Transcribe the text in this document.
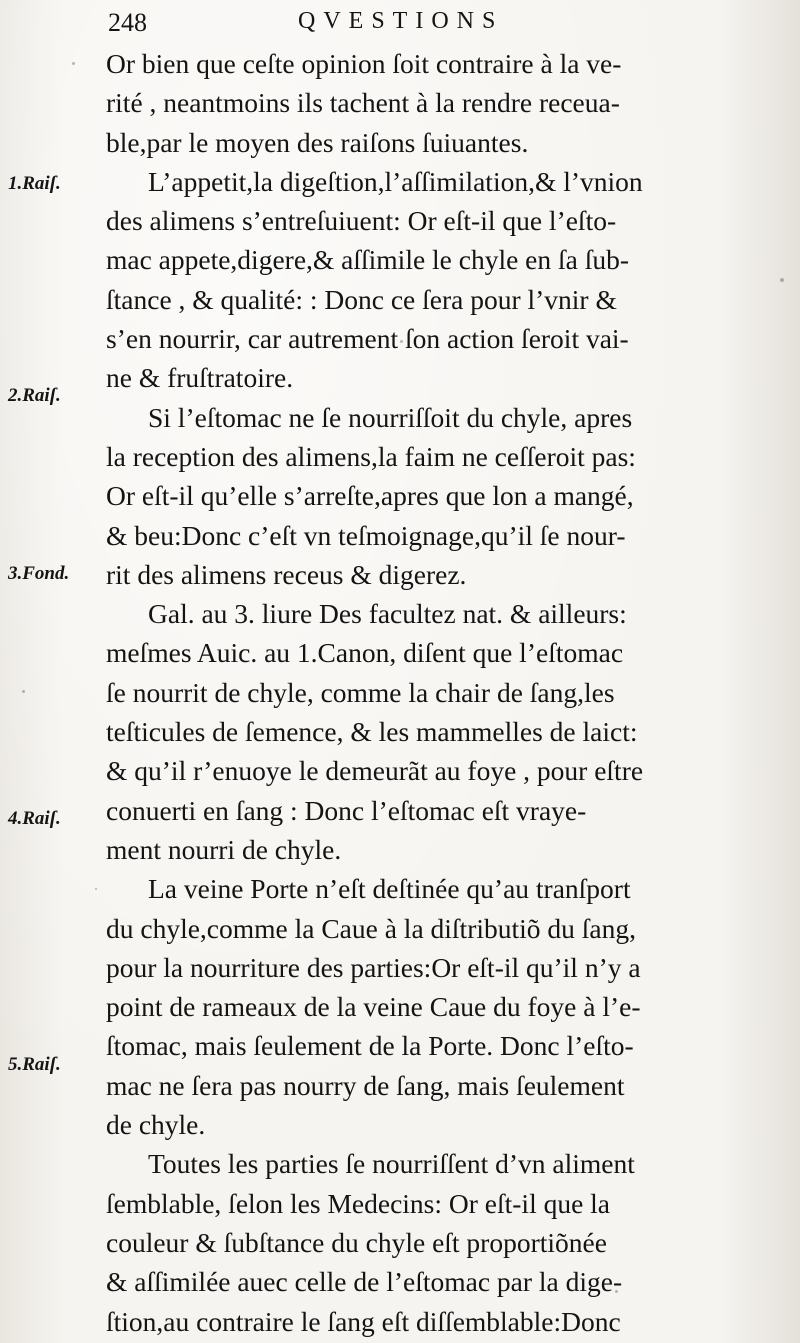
248	QVESTIONS
1.Raiſ.
2.Raiſ.
3.Fond.
4.Raiſ.
5.Raiſ.
Or bien que ceſte opinion ſoit contraire à la ve-
rité , neantmoins ils tachent à la rendre receua-
ble,par le moyen des raiſons ſuiuantes.
L’appetit,la digeſtion,l’aſſimilation,& l’vnion
des alimens s’entreſuiuent: Or eſt-il que l’eſto-
mac appete,digere,& aſſimile le chyle en ſa ſub-
ſtance , & qualité: : Donc ce ſera pour l’vnir &
s’en nourrir, car autrement ſon action ſeroit vai-
ne & fruſtratoire.
Si l’eſtomac ne ſe nourriſſoit du chyle, apres
la reception des alimens,la faim ne ceſſeroit pas:
Or eſt-il qu’elle s’arreſte,apres que lon a mangé,
& beu:Donc c’eſt vn teſmoignage,qu’il ſe nour-
rit des alimens receus & digerez.
Gal. au 3. liure Des facultez nat. & ailleurs:
meſmes Auic. au 1.Canon, diſent que l’eſtomac
ſe nourrit de chyle, comme la chair de ſang,les
teſticules de ſemence, & les mammelles de laict:
& qu’il r’enuoye le demeurãt au foye , pour eſtre
conuerti en ſang : Donc l’eſtomac eſt vraye-
ment nourri de chyle.
La veine Porte n’eſt deſtinée qu’au tranſport
du chyle,comme la Caue à la diſtributiõ du ſang,
pour la nourriture des parties:Or eſt-il qu’il n’y a
point de rameaux de la veine Caue du foye à l’e-
ſtomac, mais ſeulement de la Porte. Donc l’eſto-
mac ne ſera pas nourry de ſang, mais ſeulement
de chyle.
Toutes les parties ſe nourriſſent d’vn aliment
ſemblable, ſelon les Medecins: Or eſt-il que la
couleur & ſubſtance du chyle eſt proportiõnée
& aſſimilée auec celle de l’eſtomac par la dige-
ſtion,au contraire le ſang eſt diſſemblable:Donc
